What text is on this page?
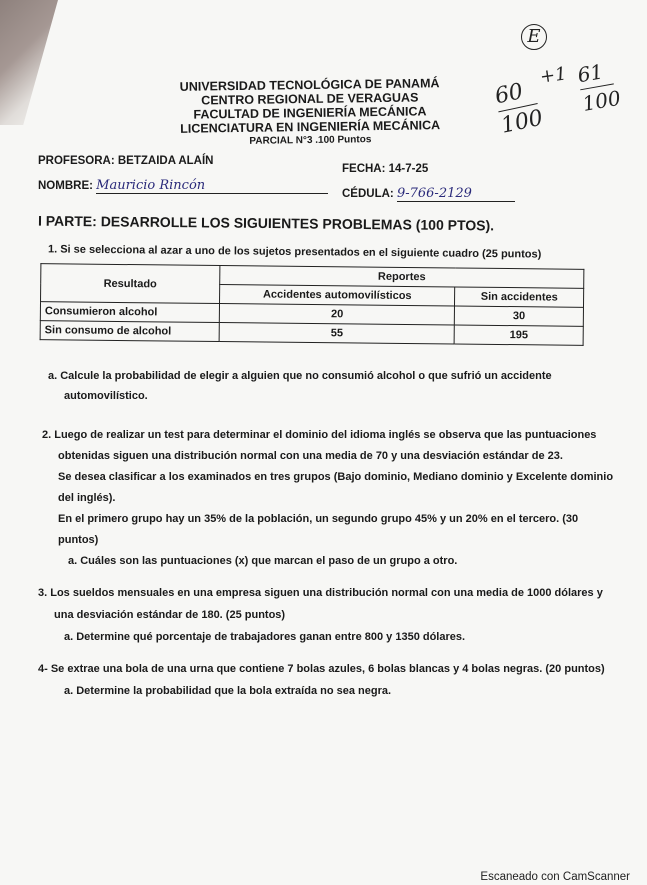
UNIVERSIDAD TECNOLÓGICA DE PANAMÁ
CENTRO REGIONAL DE VERAGUAS
FACULTAD DE INGENIERÍA MECÁNICA
LICENCIATURA EN INGENIERÍA MECÁNICA
PARCIAL N°3 .100 Puntos
E
60
100
+1 61
100
PROFESORA: BETZAIDA ALAÍN
FECHA: 14-7-25
NOMBRE: Mauricio Rincón
CÉDULA: 9-766-2129
I PARTE: DESARROLLE LOS SIGUIENTES PROBLEMAS (100 PTOS).

1. Si se selecciona al azar a uno de los sujetos presentados en el siguiente cuadro (25 puntos)

Resultado	Reportes	
	Accidentes automovilísticos	Sin accidentes
Consumieron alcohol	20	30
Sin consumo de alcohol	55	195

a. Calcule la probabilidad de elegir a alguien que no consumió alcohol o que sufrió un accidente

automovilístico.

2. Luego de realizar un test para determinar el dominio del idioma inglés se observa que las puntuaciones

obtenidas siguen una distribución normal con una media de 70 y una desviación estándar de 23.

Se desea clasificar a los examinados en tres grupos (Bajo dominio, Mediano dominio y Excelente dominio

del inglés).

En el primero grupo hay un 35% de la población, un segundo grupo 45% y un 20% en el tercero. (30

puntos)

a. Cuáles son las puntuaciones (x) que marcan el paso de un grupo a otro.

3. Los sueldos mensuales en una empresa siguen una distribución normal con una media de 1000 dólares y

una desviación estándar de 180. (25 puntos)

a. Determine qué porcentaje de trabajadores ganan entre 800 y 1350 dólares.

4- Se extrae una bola de una urna que contiene 7 bolas azules, 6 bolas blancas y 4 bolas negras. (20 puntos)

a. Determine la probabilidad que la bola extraída no sea negra.

Escaneado con CamScanner
